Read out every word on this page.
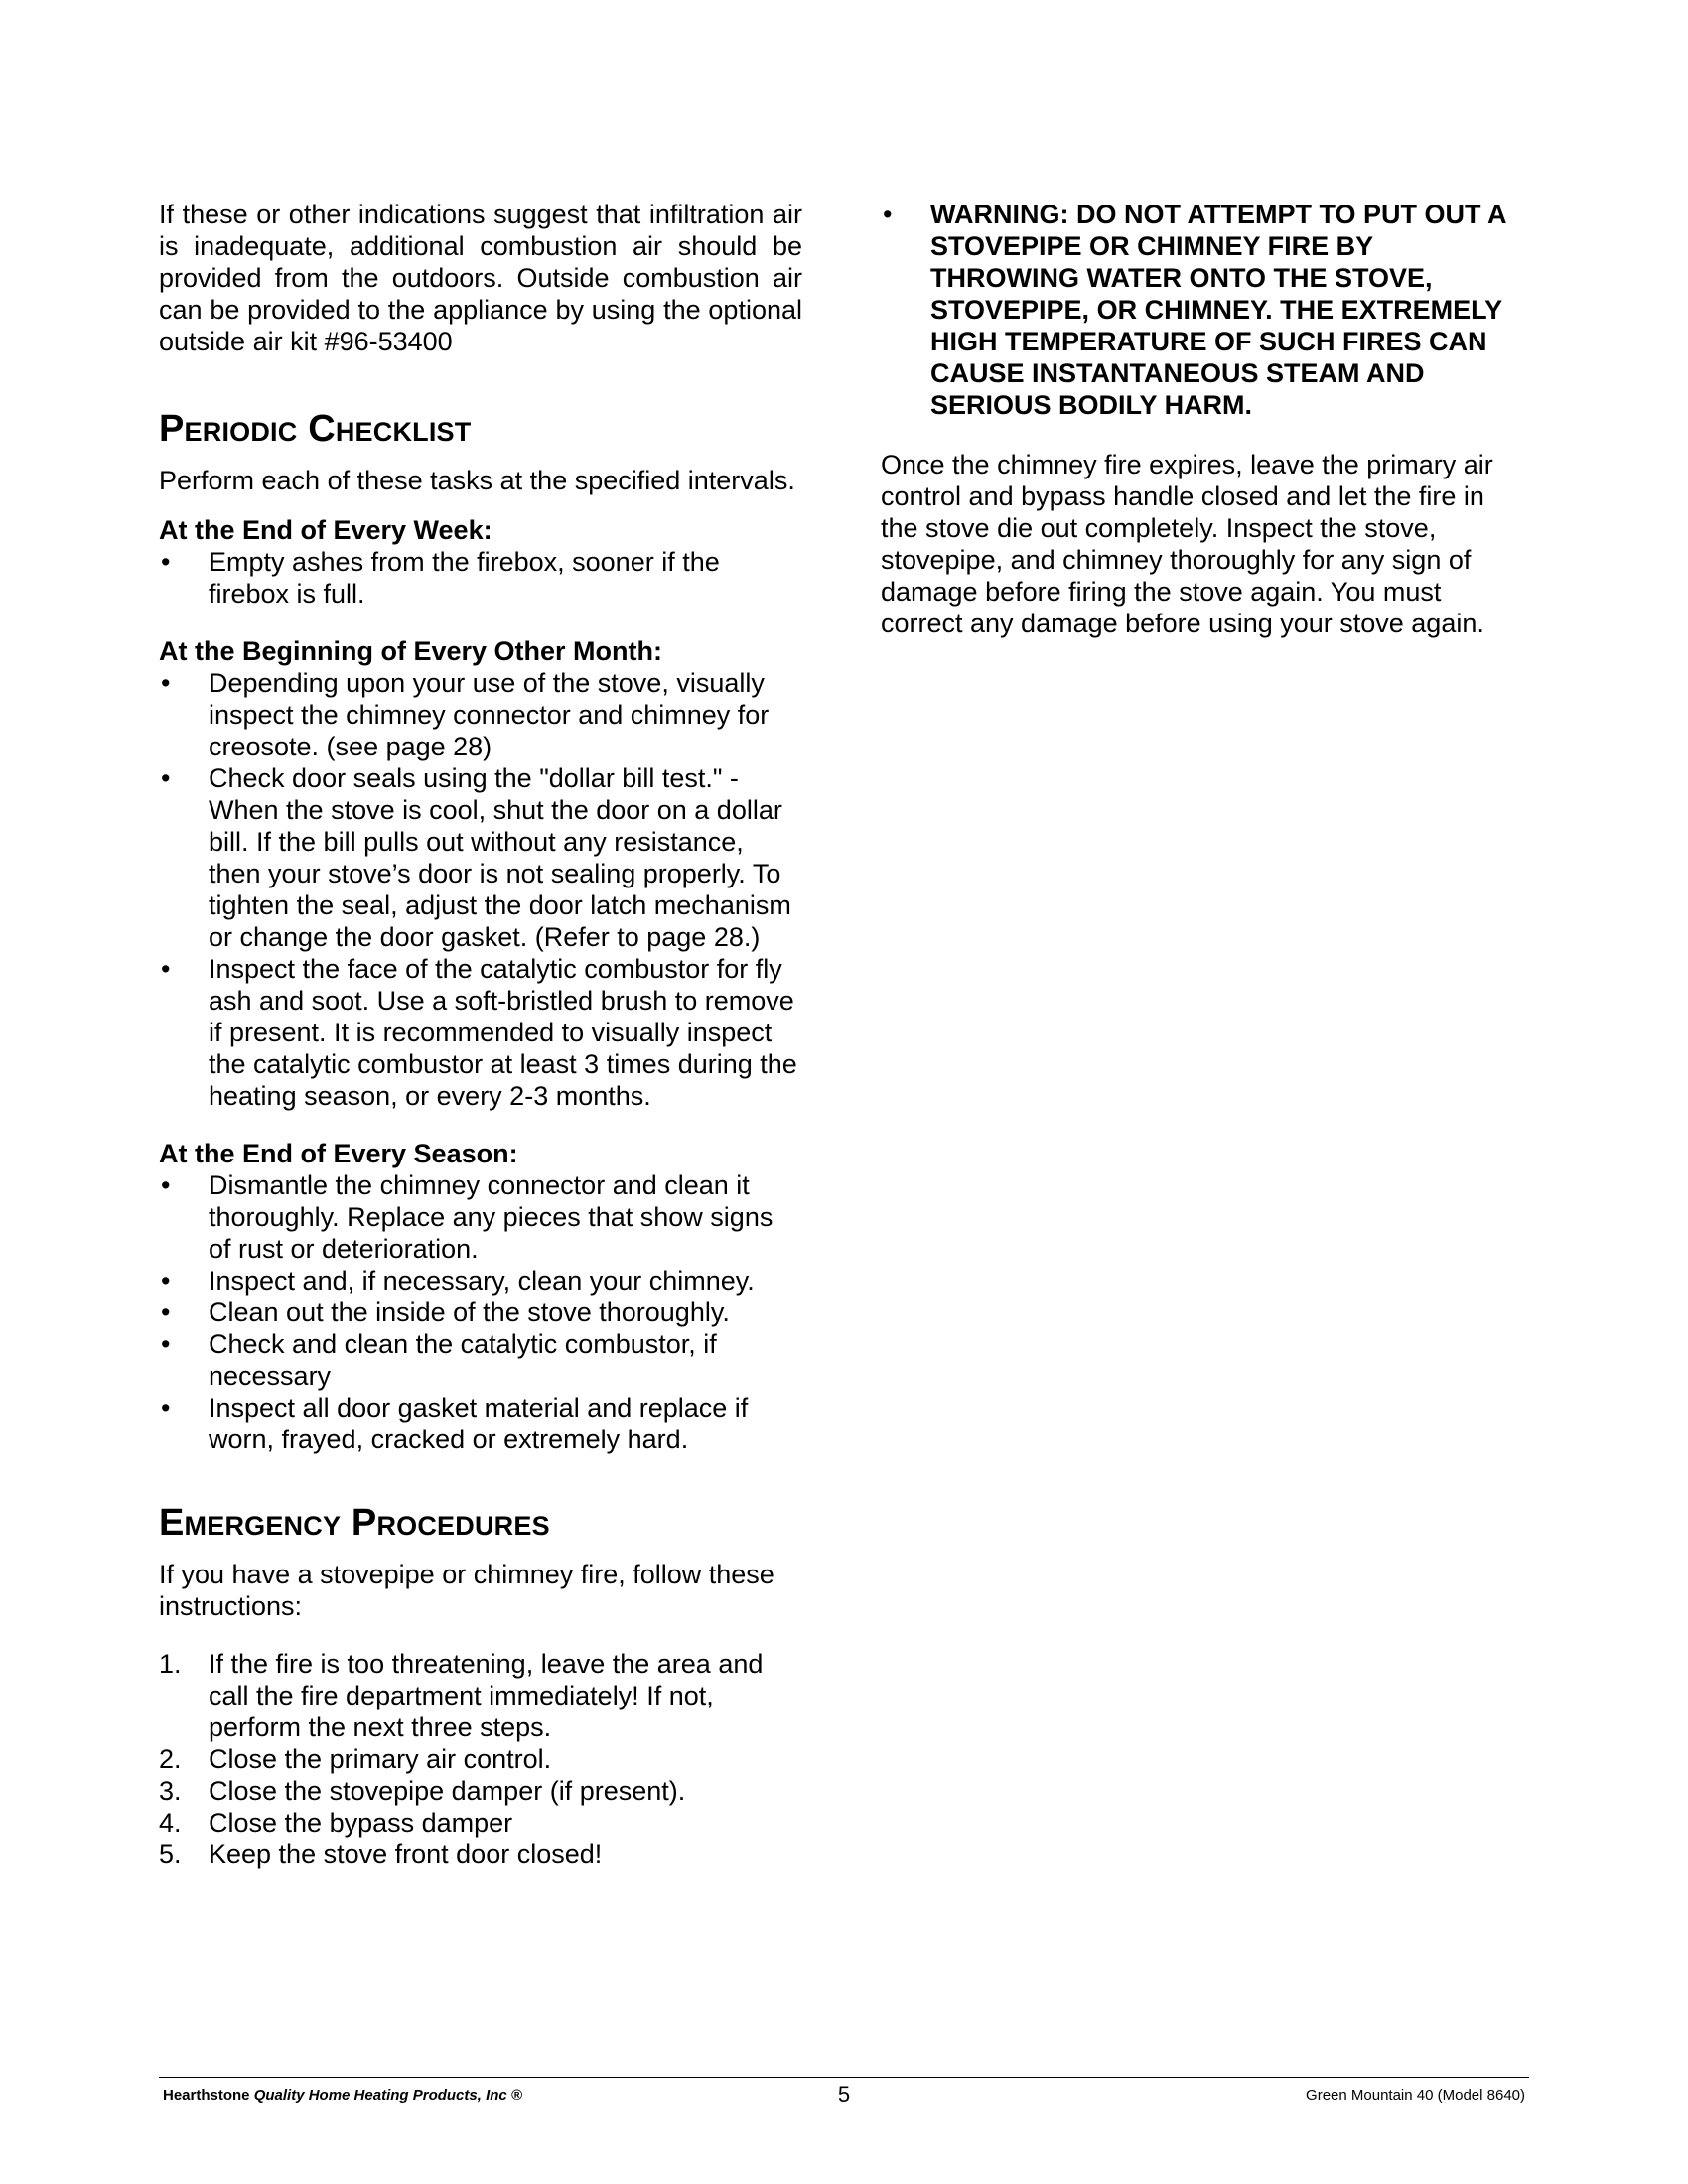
If these or other indications suggest that infiltration air is inadequate, additional combustion air should be provided from the outdoors. Outside combustion air can be provided to the appliance by using the optional outside air kit #96-53400

Periodic Checklist

Perform each of these tasks at the specified intervals.

At the End of Every Week:
•	Empty ashes from the firebox, sooner if the firebox is full.
At the Beginning of Every Other Month:
•	Depending upon your use of the stove, visually inspect the chimney connector and chimney for creosote. (see page 28)
•	Check door seals using the "dollar bill test." - When the stove is cool, shut the door on a dollar bill. If the bill pulls out without any resistance, then your stove’s door is not sealing properly. To tighten the seal, adjust the door latch mechanism or change the door gasket. (Refer to page 28.)
•	Inspect the face of the catalytic combustor for fly ash and soot. Use a soft-bristled brush to remove if present. It is recommended to visually inspect the catalytic combustor at least 3 times during the heating season, or every 2-3 months.
At the End of Every Season:
•	Dismantle the chimney connector and clean it thoroughly. Replace any pieces that show signs of rust or deterioration.
•	Inspect and, if necessary, clean your chimney.
•	Clean out the inside of the stove thoroughly.
•	Check and clean the catalytic combustor, if necessary
•	Inspect all door gasket material and replace if worn, frayed, cracked or extremely hard.
Emergency Procedures

If you have a stovepipe or chimney fire, follow these instructions:

1.	If the fire is too threatening, leave the area and call the fire department immediately! If not, perform the next three steps.
2.	Close the primary air control.
3.	Close the stovepipe damper (if present).
4.	Close the bypass damper
5.	Keep the stove front door closed!
•	WARNING: DO NOT ATTEMPT TO PUT OUT A STOVEPIPE OR CHIMNEY FIRE BY THROWING WATER ONTO THE STOVE, STOVEPIPE, OR CHIMNEY. THE EXTREMELY HIGH TEMPERATURE OF SUCH FIRES CAN CAUSE INSTANTANEOUS STEAM AND SERIOUS BODILY HARM.

Once the chimney fire expires, leave the primary air control and bypass handle closed and let the fire in the stove die out completely. Inspect the stove, stovepipe, and chimney thoroughly for any sign of damage before firing the stove again. You must correct any damage before using your stove again.

Hearthstone Quality Home Heating Products, Inc ®	5	Green Mountain 40 (Model 8640)
